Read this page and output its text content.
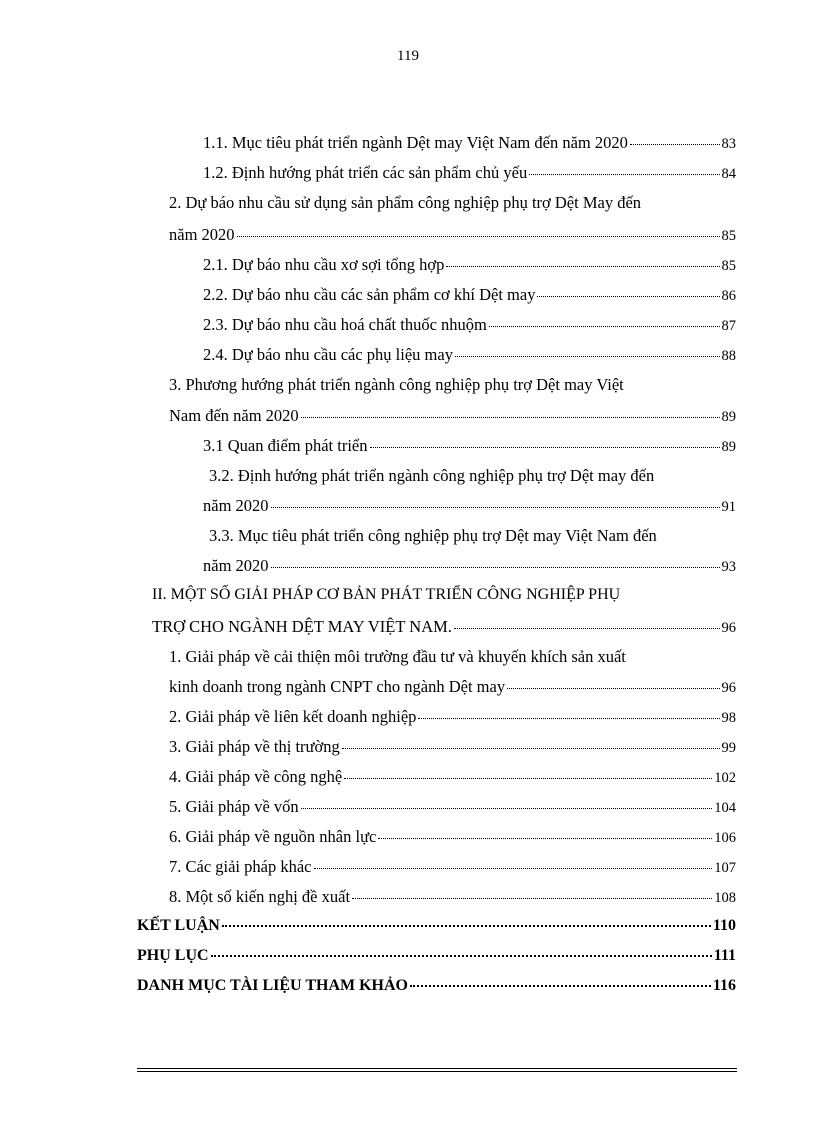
119
1.1. Mục tiêu phát triển ngành Dệt may Việt Nam đến năm 2020	83
1.2. Định hướng phát triển các sản phẩm chủ yếu	84
2. Dự báo nhu cầu sử dụng sản phẩm công nghiệp phụ trợ Dệt May đến
năm 2020	85
2.1. Dự báo nhu cầu xơ sợi tổng hợp	85
2.2. Dự báo nhu cầu các sản phẩm cơ khí Dệt may	86
2.3. Dự báo nhu cầu hoá chất thuốc nhuộm	87
2.4. Dự báo nhu cầu các phụ liệu may	88
3. Phương hướng phát triển ngành công nghiệp phụ trợ Dệt may Việt
Nam đến năm 2020	89
3.1 Quan điểm phát triển	89
3.2. Định hướng phát triển ngành công nghiệp phụ trợ Dệt may đến
năm 2020	91
3.3. Mục tiêu phát triển công nghiệp phụ trợ Dệt may Việt Nam đến
năm 2020	93
II. MỘT SỐ GIẢI PHÁP CƠ BẢN PHÁT TRIỂN CÔNG NGHIỆP PHỤ
TRỢ CHO NGÀNH DỆT MAY VIỆT NAM.	96
1. Giải pháp về cải thiện môi trường đầu tư và khuyến khích sản xuất
kinh doanh trong ngành CNPT cho ngành Dệt may	96
2. Giải pháp về liên kết doanh nghiệp	98
3. Giải pháp về thị trường	99
4. Giải pháp về công nghệ	102
5. Giải pháp về vốn	104
6. Giải pháp về nguồn nhân lực	106
7. Các giải pháp khác	107
8. Một số kiến nghị đề xuất	108
KẾT LUẬN	110
PHỤ LỤC	111
DANH MỤC TÀI LIỆU THAM KHẢO	116
